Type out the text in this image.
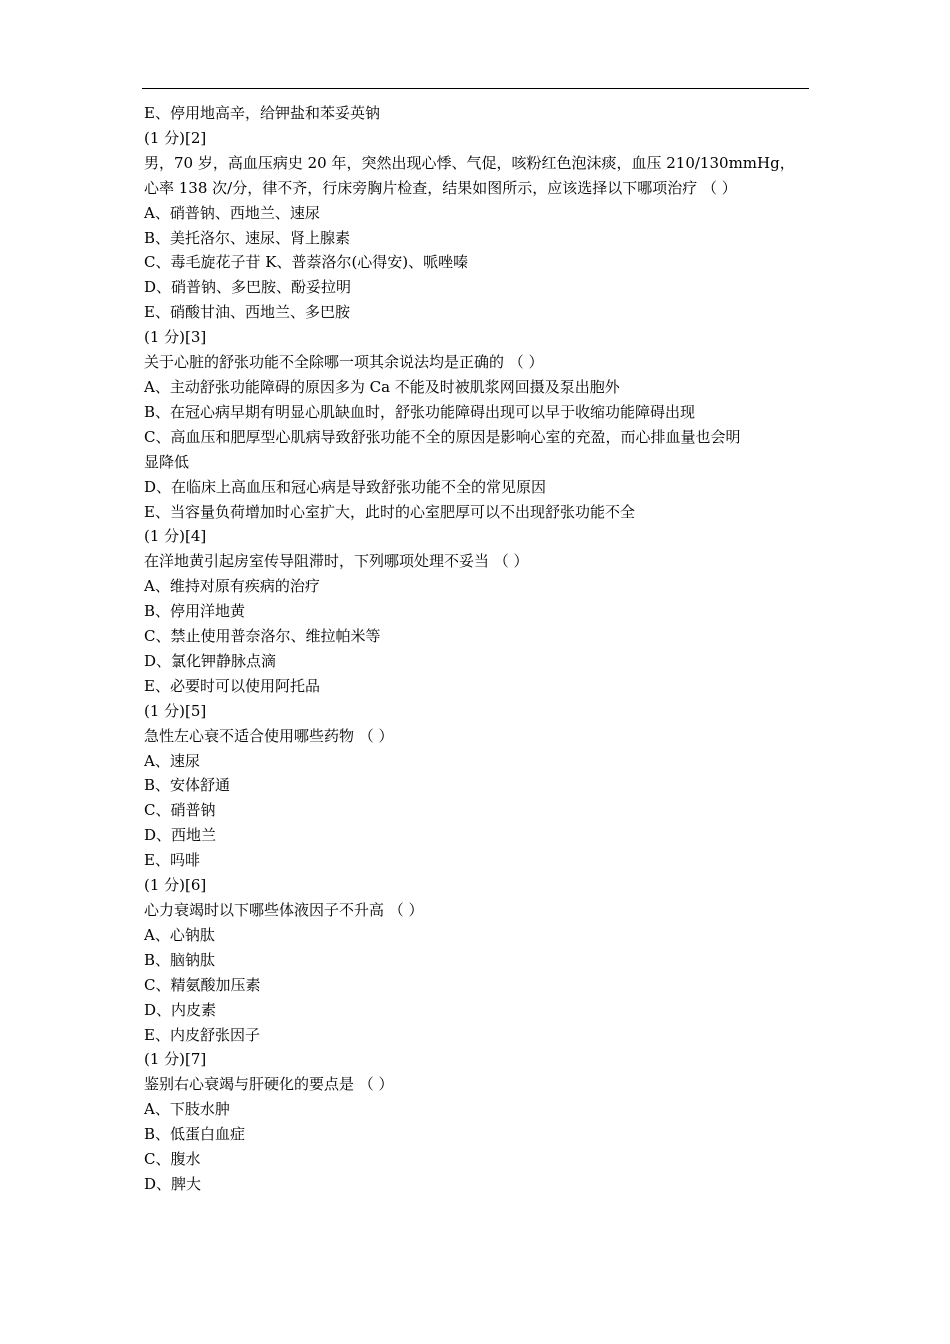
E、停用地高辛，给钾盐和苯妥英钠

(1 分)[2]

男，70 岁，高血压病史 20 年，突然出现心悸、气促，咳粉红色泡沫痰，血压 210/130mmHg，

心率 138 次/分，律不齐，行床旁胸片检查，结果如图所示，应该选择以下哪项治疗 （ ）

A、硝普钠、西地兰、速尿

B、美托洛尔、速尿、肾上腺素

C、毒毛旋花子苷 K、普萘洛尔(心得安)、哌唑嗪

D、硝普钠、多巴胺、酚妥拉明

E、硝酸甘油、西地兰、多巴胺

(1 分)[3]

关于心脏的舒张功能不全除哪一项其余说法均是正确的 （ ）

A、主动舒张功能障碍的原因多为 Ca 不能及时被肌浆网回摄及泵出胞外

B、在冠心病早期有明显心肌缺血时，舒张功能障碍出现可以早于收缩功能障碍出现

C、高血压和肥厚型心肌病导致舒张功能不全的原因是影响心室的充盈，而心排血量也会明

显降低

D、在临床上高血压和冠心病是导致舒张功能不全的常见原因

E、当容量负荷增加时心室扩大，此时的心室肥厚可以不出现舒张功能不全

(1 分)[4]

在洋地黄引起房室传导阻滞时，下列哪项处理不妥当 （ ）

A、维持对原有疾病的治疗

B、停用洋地黄

C、禁止使用普奈洛尔、维拉帕米等

D、氯化钾静脉点滴

E、必要时可以使用阿托品

(1 分)[5]

急性左心衰不适合使用哪些药物 （ ）

A、速尿

B、安体舒通

C、硝普钠

D、西地兰

E、吗啡

(1 分)[6]

心力衰竭时以下哪些体液因子不升高 （ ）

A、心钠肽

B、脑钠肽

C、精氨酸加压素

D、内皮素

E、内皮舒张因子

(1 分)[7]

鉴别右心衰竭与肝硬化的要点是 （ ）

A、下肢水肿

B、低蛋白血症

C、腹水

D、脾大
